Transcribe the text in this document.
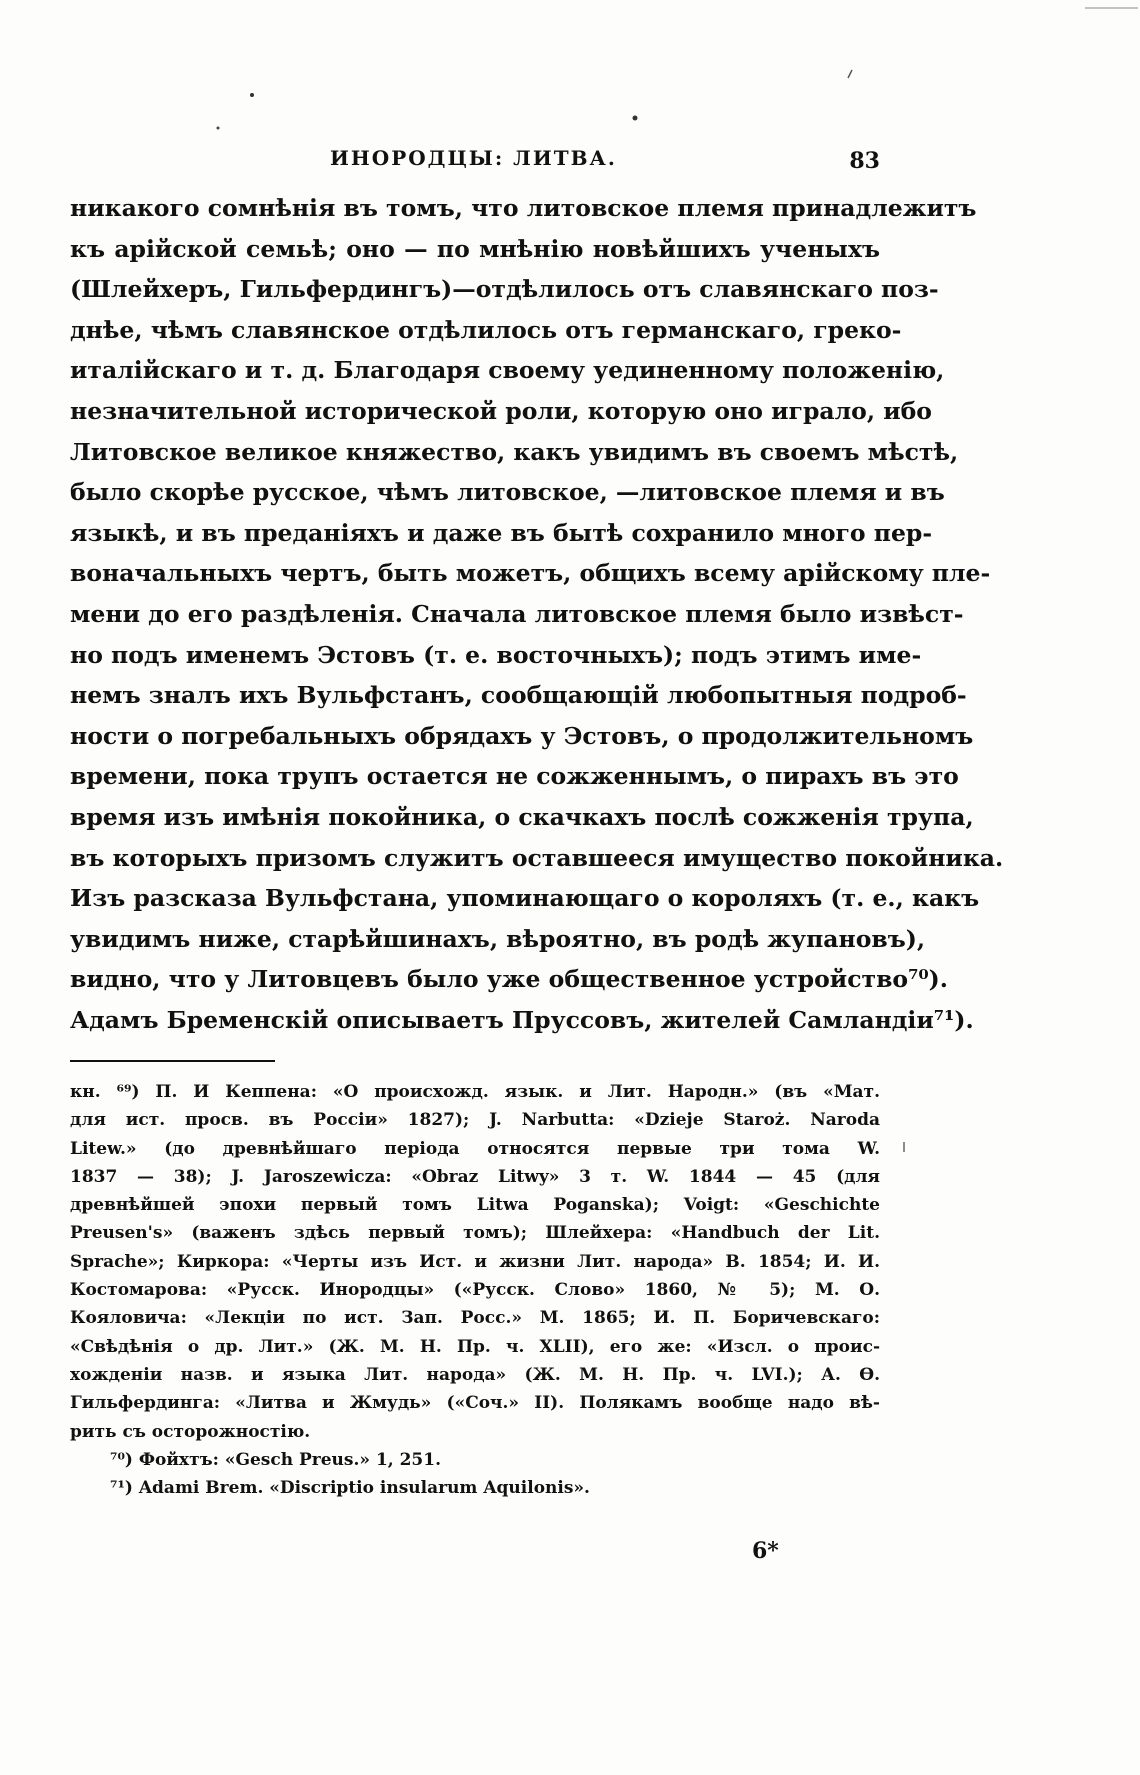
ИНОРОДЦЫ: ЛИТВА.	83
никакого сомнѣнія въ томъ, что литовское племя принадлежитъ
къ арійской семьѣ; оно — по мнѣнію новѣйшихъ ученыхъ
(Шлейхеръ, Гильфердингъ)—отдѣлилось отъ славянскаго поз-
днѣе, чѣмъ славянское отдѣлилось отъ германскаго, греко-
италійскаго и т. д. Благодаря своему уединенному положенію,
незначительной исторической роли, которую оно играло, ибо
Литовское великое княжество, какъ увидимъ въ своемъ мѣстѣ,
было скорѣе русское, чѣмъ литовское, —литовское племя и въ
языкѣ, и въ преданіяхъ и даже въ бытѣ сохранило много пер-
воначальныхъ чертъ, быть можетъ, общихъ всему арійскому пле-
мени до его раздѣленія. Сначала литовское племя было извѣст-
но подъ именемъ Эстовъ (т. е. восточныхъ); подъ этимъ име-
немъ зналъ ихъ Вульфстанъ, сообщающій любопытныя подроб-
ности о погребальныхъ обрядахъ у Эстовъ, о продолжительномъ
времени, пока трупъ остается не сожженнымъ, о пирахъ въ это
время изъ имѣнія покойника, о скачкахъ послѣ сожженія трупа,
въ которыхъ призомъ служитъ оставшееся имущество покойника.
Изъ разсказа Вульфстана, упоминающаго о короляхъ (т. е., какъ
увидимъ ниже, старѣйшинахъ, вѣроятно, въ родѣ жупановъ),
видно, что у Литовцевъ было уже общественное устройство⁷⁰).
Адамъ Бременскій описываетъ Пруссовъ, жителей Самландіи⁷¹).
кн. ⁶⁹) П. И Кеппена: «О происхожд. язык. и Лит. Народн.» (въ «Мат.
для ист. просв. въ Россіи» 1827); J. Narbutta: «Dzieje Staroż. Naroda
Litew.» (до древнѣйшаго періода относятся первые три тома W.
1837 — 38); J. Jaroszewicza: «Obraz Litwy» 3 т. W. 1844 — 45 (для
древнѣйшей эпохи первый томъ Litwa Poganska); Voigt: «Geschichte
Preusen's» (важенъ здѣсь первый томъ); Шлейхера: «Handbuch der Lit.
Sprache»; Киркора: «Черты изъ Ист. и жизни Лит. народа» В. 1854; И. И.
Костомарова: «Русск. Инородцы» («Русск. Слово» 1860, № 5); М. О.
Кояловича: «Лекціи по ист. Зап. Росс.» М. 1865; И. П. Боричевскаго:
«Свѣдѣнія о др. Лит.» (Ж. М. Н. Пр. ч. XLII), его же: «Изсл. о проис-
хожденіи назв. и языка Лит. народа» (Ж. М. Н. Пр. ч. LVI.); А. Ѳ.
Гильфердинга: «Литва и Жмудь» («Соч.» II). Полякамъ вообще надо вѣ-
рить съ осторожностію.
⁷⁰) Фойхтъ: «Gesch Preus.» 1, 251.
⁷¹) Adami Brem. «Discriptio insularum Aquilonis».
6*
